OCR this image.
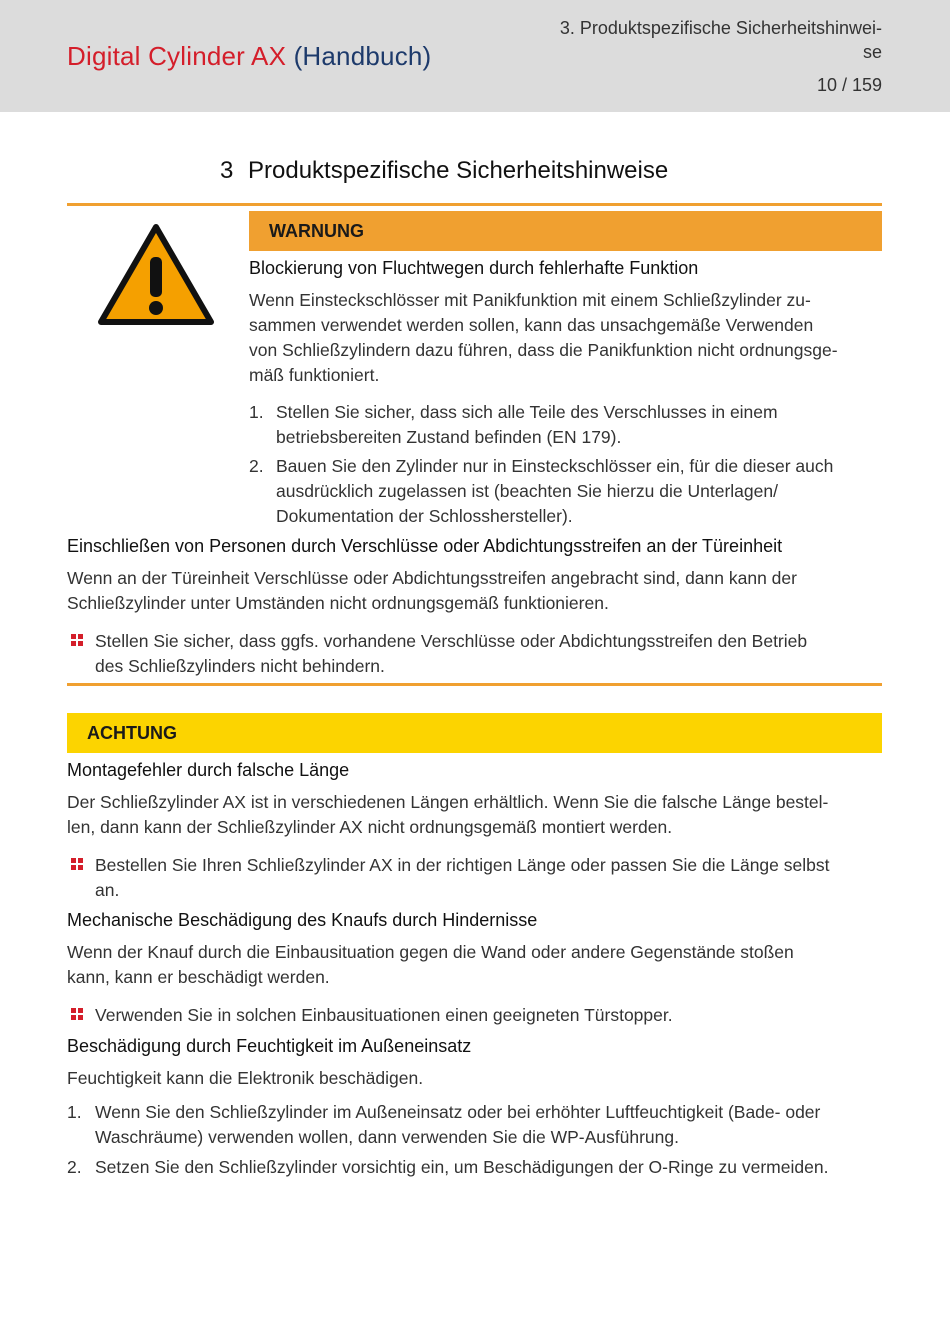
Digital Cylinder AX (Handbuch)
3. Produktspezifische Sicherheitshinwei-
se
10 / 159
3 Produktspezifische Sicherheitshinweise
WARNUNG
Blockierung von Fluchtwegen durch fehlerhafte Funktion
Wenn Einsteckschlösser mit Panikfunktion mit einem Schließzylinder zu-
sammen verwendet werden sollen, kann das unsachgemäße Verwenden
von Schließzylindern dazu führen, dass die Panikfunktion nicht ordnungsge-
mäß funktioniert.
1. Stellen Sie sicher, dass sich alle Teile des Verschlusses in einem
betriebsbereiten Zustand befinden (EN 179).
2. Bauen Sie den Zylinder nur in Einsteckschlösser ein, für die dieser auch
ausdrücklich zugelassen ist (beachten Sie hierzu die Unterlagen/
Dokumentation der Schlosshersteller).
Einschließen von Personen durch Verschlüsse oder Abdichtungsstreifen an der Türeinheit
Wenn an der Türeinheit Verschlüsse oder Abdichtungsstreifen angebracht sind, dann kann der
Schließzylinder unter Umständen nicht ordnungsgemäß funktionieren.
Stellen Sie sicher, dass ggfs. vorhandene Verschlüsse oder Abdichtungsstreifen den Betrieb
des Schließzylinders nicht behindern.
ACHTUNG
Montagefehler durch falsche Länge
Der Schließzylinder AX ist in verschiedenen Längen erhältlich. Wenn Sie die falsche Länge bestel-
len, dann kann der Schließzylinder AX nicht ordnungsgemäß montiert werden.
Bestellen Sie Ihren Schließzylinder AX in der richtigen Länge oder passen Sie die Länge selbst
an.
Mechanische Beschädigung des Knaufs durch Hindernisse
Wenn der Knauf durch die Einbausituation gegen die Wand oder andere Gegenstände stoßen
kann, kann er beschädigt werden.
Verwenden Sie in solchen Einbausituationen einen geeigneten Türstopper.
Beschädigung durch Feuchtigkeit im Außeneinsatz
Feuchtigkeit kann die Elektronik beschädigen.
1. Wenn Sie den Schließzylinder im Außeneinsatz oder bei erhöhter Luftfeuchtigkeit (Bade- oder
Waschräume) verwenden wollen, dann verwenden Sie die WP-Ausführung.
2. Setzen Sie den Schließzylinder vorsichtig ein, um Beschädigungen der O-Ringe zu vermeiden.
